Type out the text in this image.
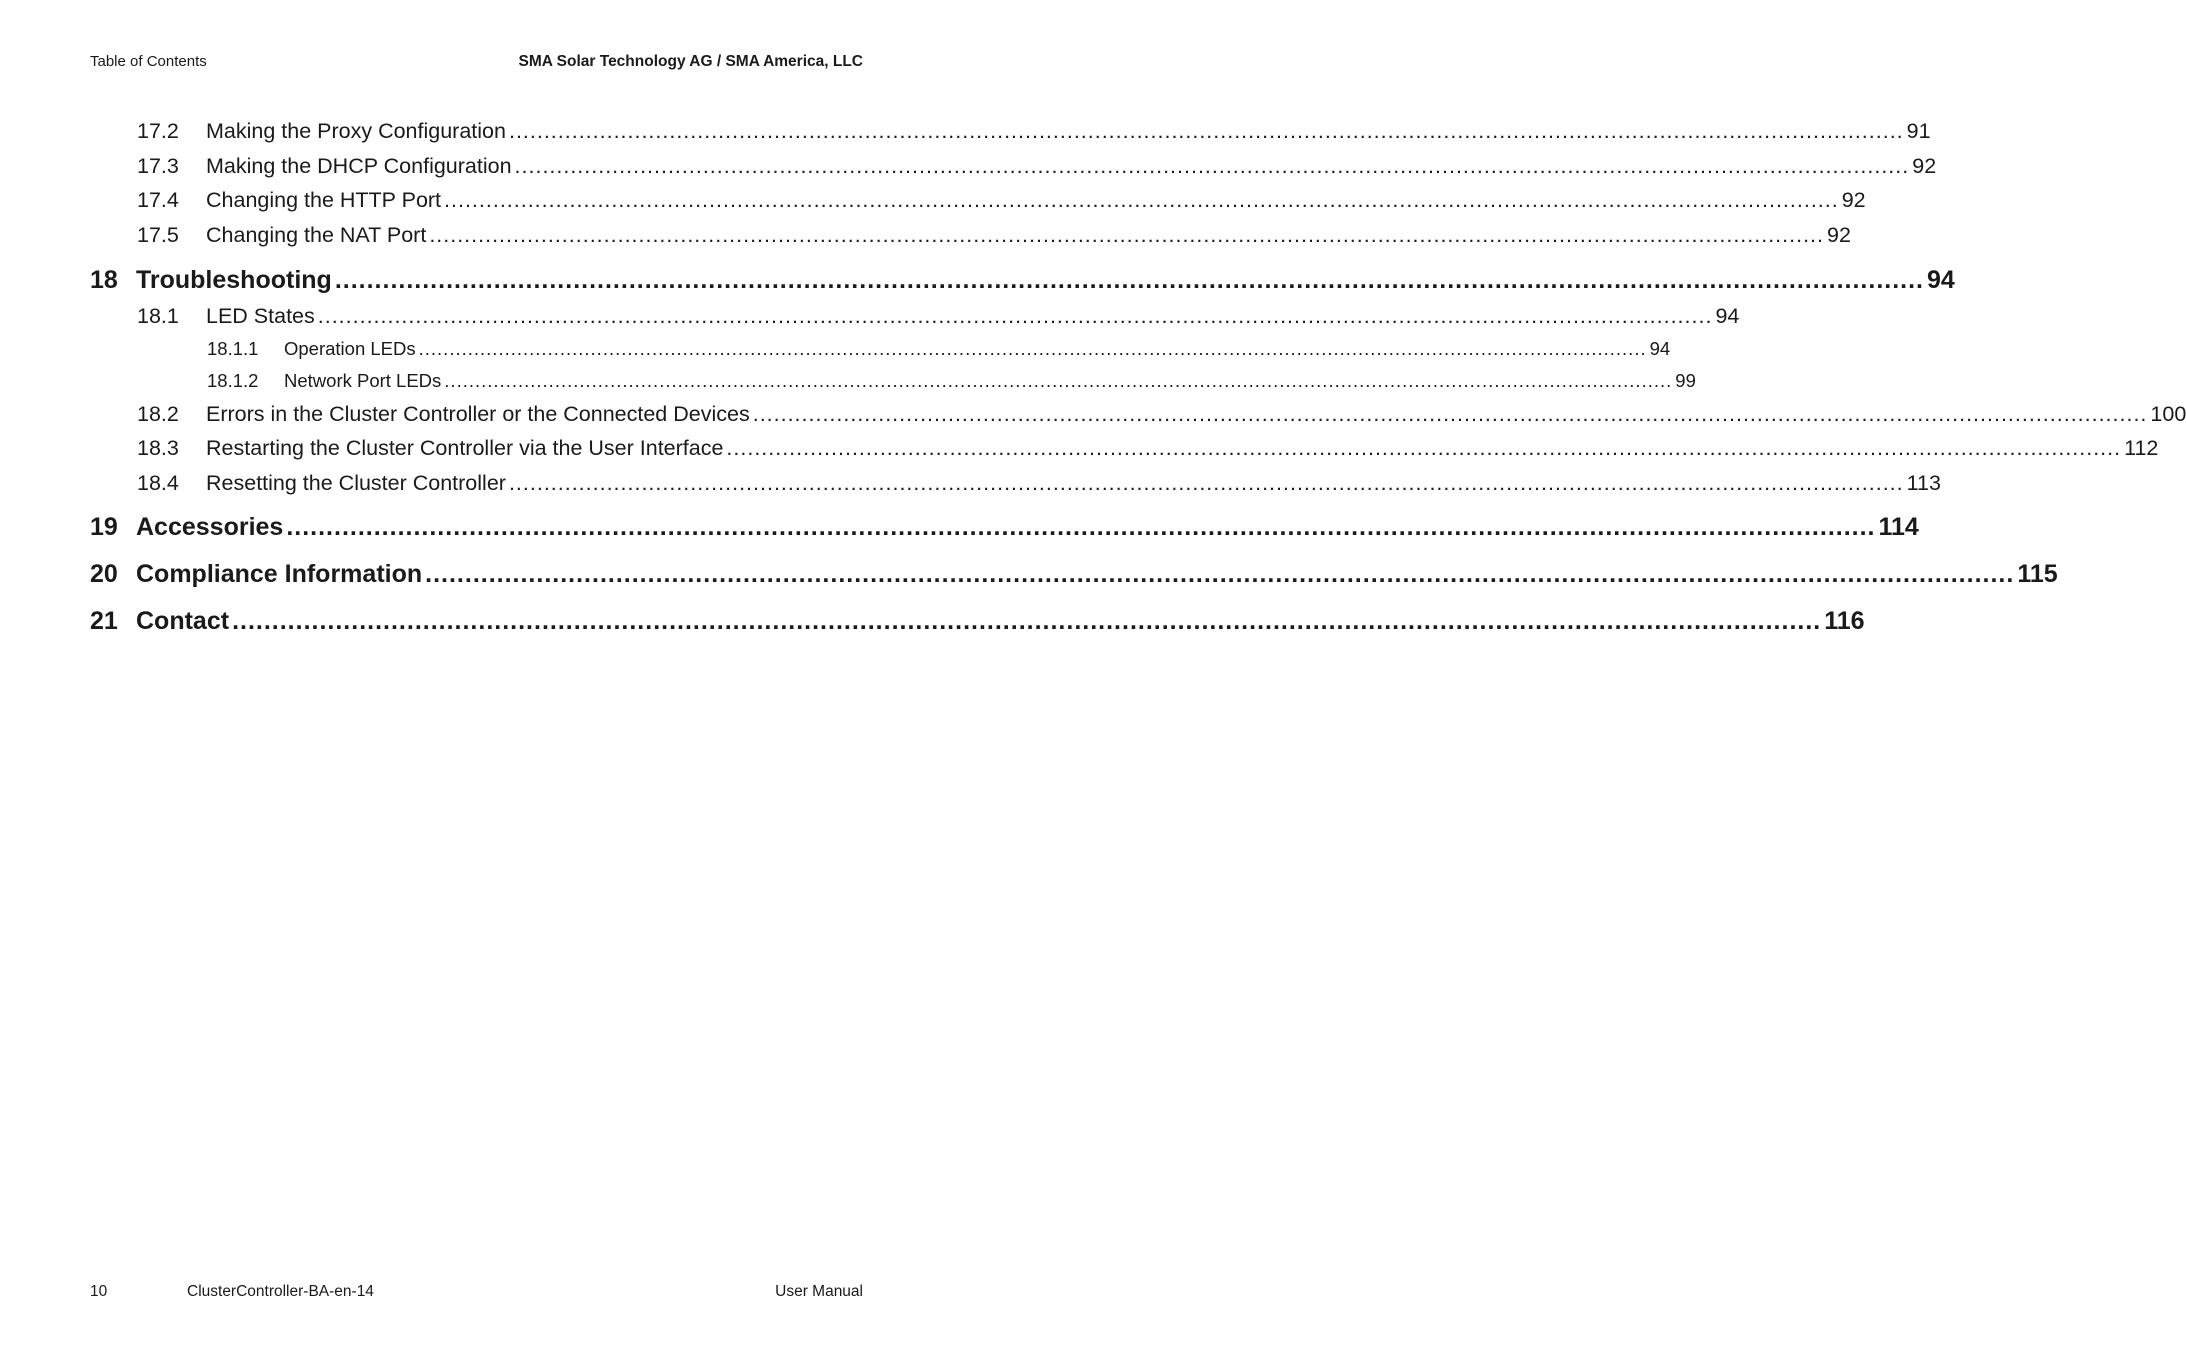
Table of Contents	SMA Solar Technology AG / SMA America, LLC
17.2 Making the Proxy Configuration ........................................................................................................................................................................................................ 91
17.3 Making the DHCP Configuration ........................................................................................................................................................................................................ 92
17.4 Changing the HTTP Port ........................................................................................................................................................................................................ 92
17.5 Changing the NAT Port ........................................................................................................................................................................................................ 92
18 Troubleshooting ........................................................................................................................................................................................................ 94
18.1 LED States ........................................................................................................................................................................................................ 94
18.1.1 Operation LEDs ........................................................................................................................................................................................................ 94
18.1.2 Network Port LEDs ........................................................................................................................................................................................................ 99
18.2 Errors in the Cluster Controller or the Connected Devices ........................................................................................................................................................................................................ 100
18.3 Restarting the Cluster Controller via the User Interface ........................................................................................................................................................................................................ 112
18.4 Resetting the Cluster Controller ........................................................................................................................................................................................................ 113
19 Accessories ........................................................................................................................................................................................................ 114
20 Compliance Information ........................................................................................................................................................................................................ 115
21 Contact ........................................................................................................................................................................................................ 116
10	ClusterController-BA-en-14	User Manual
